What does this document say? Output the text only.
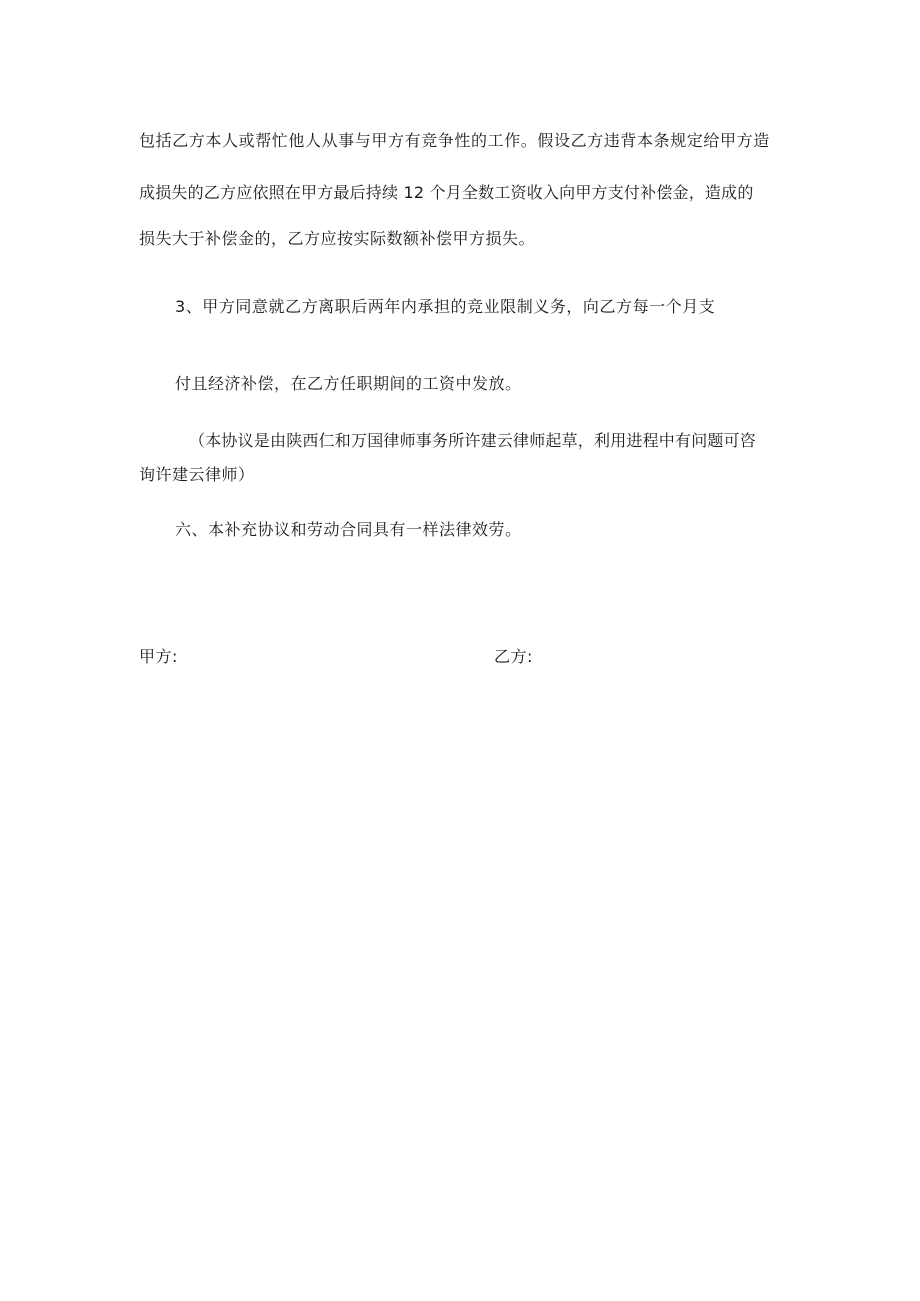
包括乙方本人或帮忙他人从事与甲方有竞争性的工作。假设乙方违背本条规定给甲方造
成损失的乙方应依照在甲方最后持续 12 个月全数工资收入向甲方支付补偿金，造成的
损失大于补偿金的，乙方应按实际数额补偿甲方损失。
3、甲方同意就乙方离职后两年内承担的竞业限制义务，向乙方每一个月支
付且经济补偿，在乙方任职期间的工资中发放。
（本协议是由陕西仁和万国律师事务所许建云律师起草，利用进程中有问题可咨
询许建云律师）
六、本补充协议和劳动合同具有一样法律效劳。
甲方:	乙方:
